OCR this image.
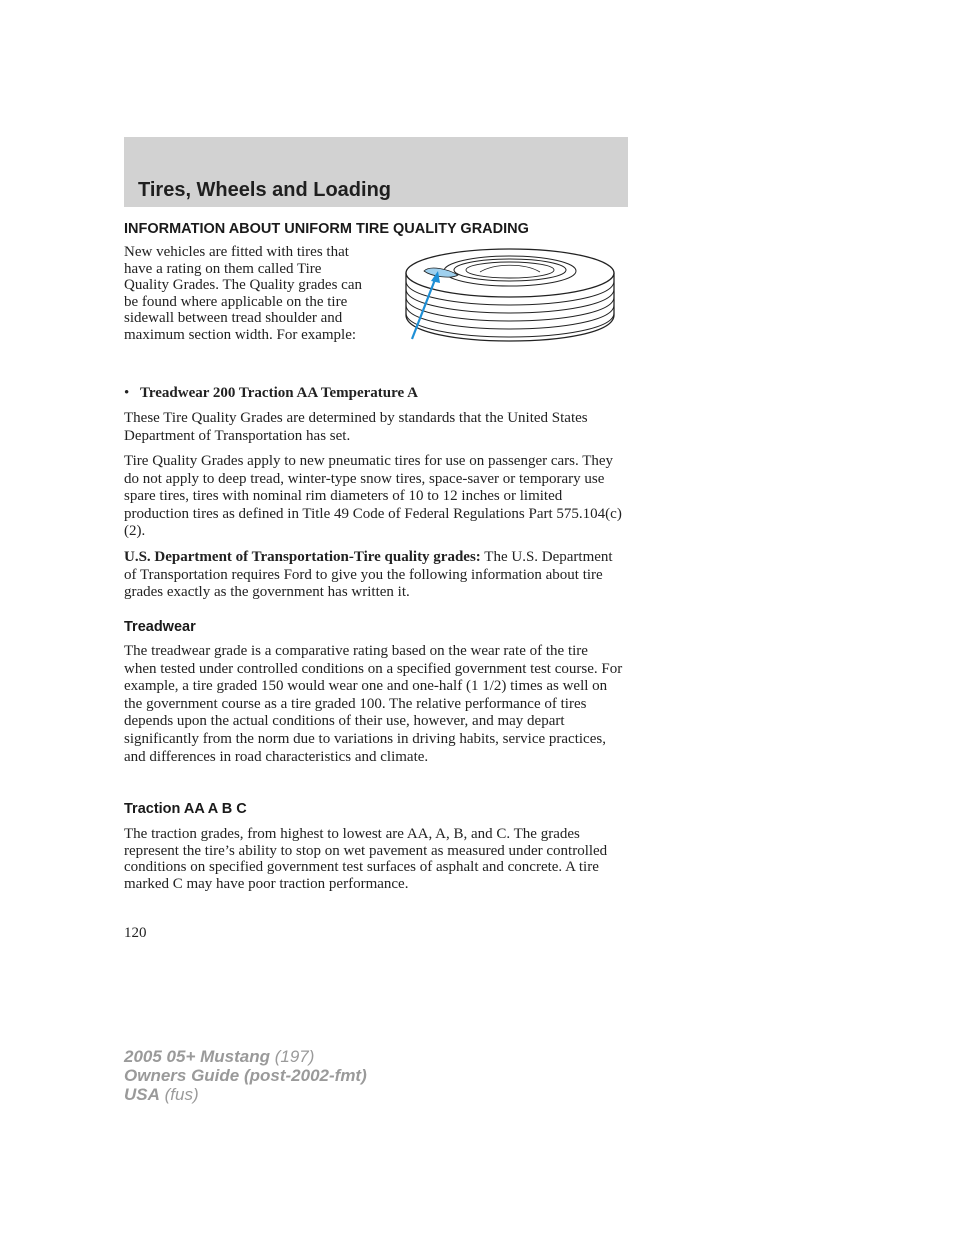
Tires, Wheels and Loading
INFORMATION ABOUT UNIFORM TIRE QUALITY GRADING
New vehicles are fitted with tires that have a rating on them called Tire Quality Grades. The Quality grades can be found where applicable on the tire sidewall between tread shoulder and maximum section width. For example:
• Treadwear 200 Traction AA Temperature A

These Tire Quality Grades are determined by standards that the United States Department of Transportation has set.

Tire Quality Grades apply to new pneumatic tires for use on passenger cars. They do not apply to deep tread, winter-type snow tires, space-saver or temporary use spare tires, tires with nominal rim diameters of 10 to 12 inches or limited production tires as defined in Title 49 Code of Federal Regulations Part 575.104(c)(2).

U.S. Department of Transportation-Tire quality grades: The U.S. Department of Transportation requires Ford to give you the following information about tire grades exactly as the government has written it.

Treadwear

The treadwear grade is a comparative rating based on the wear rate of the tire when tested under controlled conditions on a specified government test course. For example, a tire graded 150 would wear one and one-half (1 1/2) times as well on the government course as a tire graded 100. The relative performance of tires depends upon the actual conditions of their use, however, and may depart significantly from the norm due to variations in driving habits, service practices, and differences in road characteristics and climate.

Traction AA A B C

The traction grades, from highest to lowest are AA, A, B, and C. The grades represent the tire’s ability to stop on wet pavement as measured under controlled conditions on specified government test surfaces of asphalt and concrete. A tire marked C may have poor traction performance.

120
2005 05+ Mustang (197)
Owners Guide (post-2002-fmt)
USA (fus)
